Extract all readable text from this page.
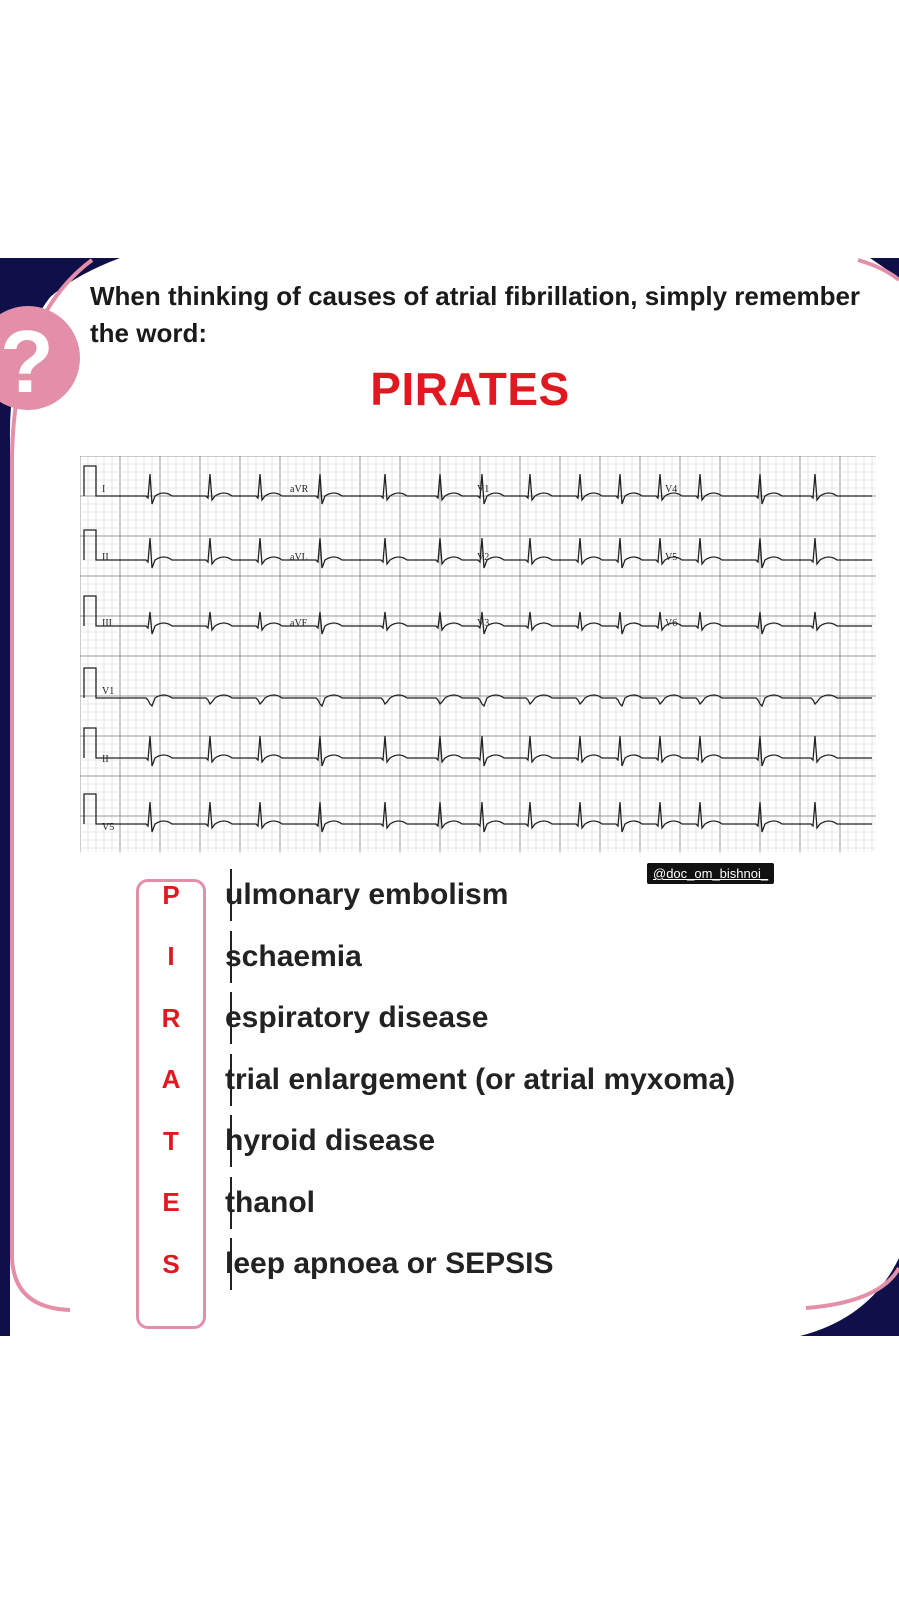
?

When thinking of causes of atrial fibrillation, simply remember
the word:

PIRATES
I	aVR	V1	V4
II	aVL	V2	V5
III	aVF	V3	V6
V1
II
V5
@doc_om_bishnoi_
P	ulmonary embolism
I	schaemia
R	espiratory disease
A	trial enlargement (or atrial myxoma)
T	hyroid disease
E	thanol
S	leep apnoea or SEPSIS
